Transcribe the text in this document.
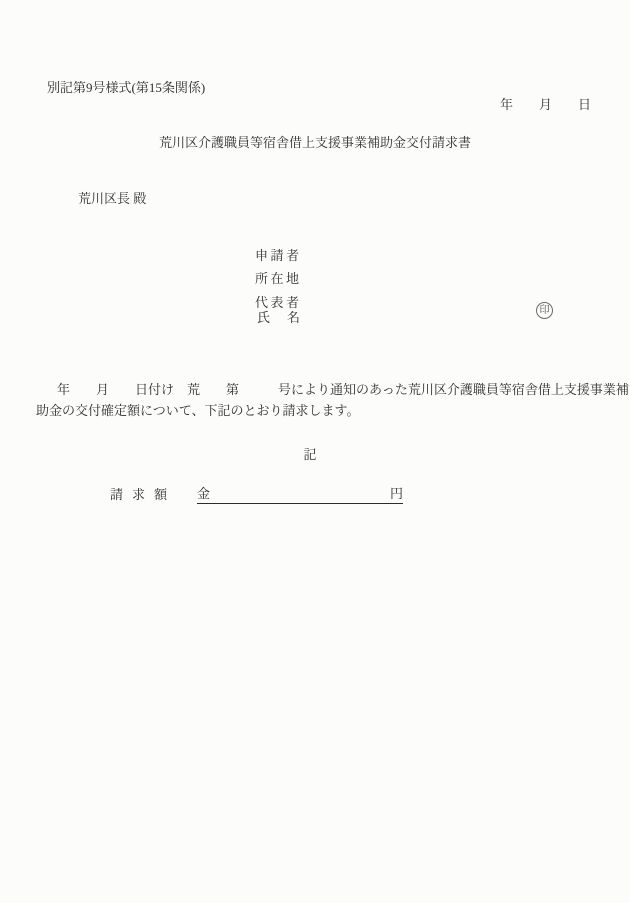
別記第9号様式(第15条関係)
年　　月　　日
荒川区介護職員等宿舎借上支援事業補助金交付請求書
荒川区長 殿
申請者
所在地
代表者
氏名	印
年　　月　　日付け　荒　　第　　　号により通知のあった荒川区介護職員等宿舎借上支援事業補
助金の交付確定額について、下記のとおり請求します。
記
請求額 金	円
